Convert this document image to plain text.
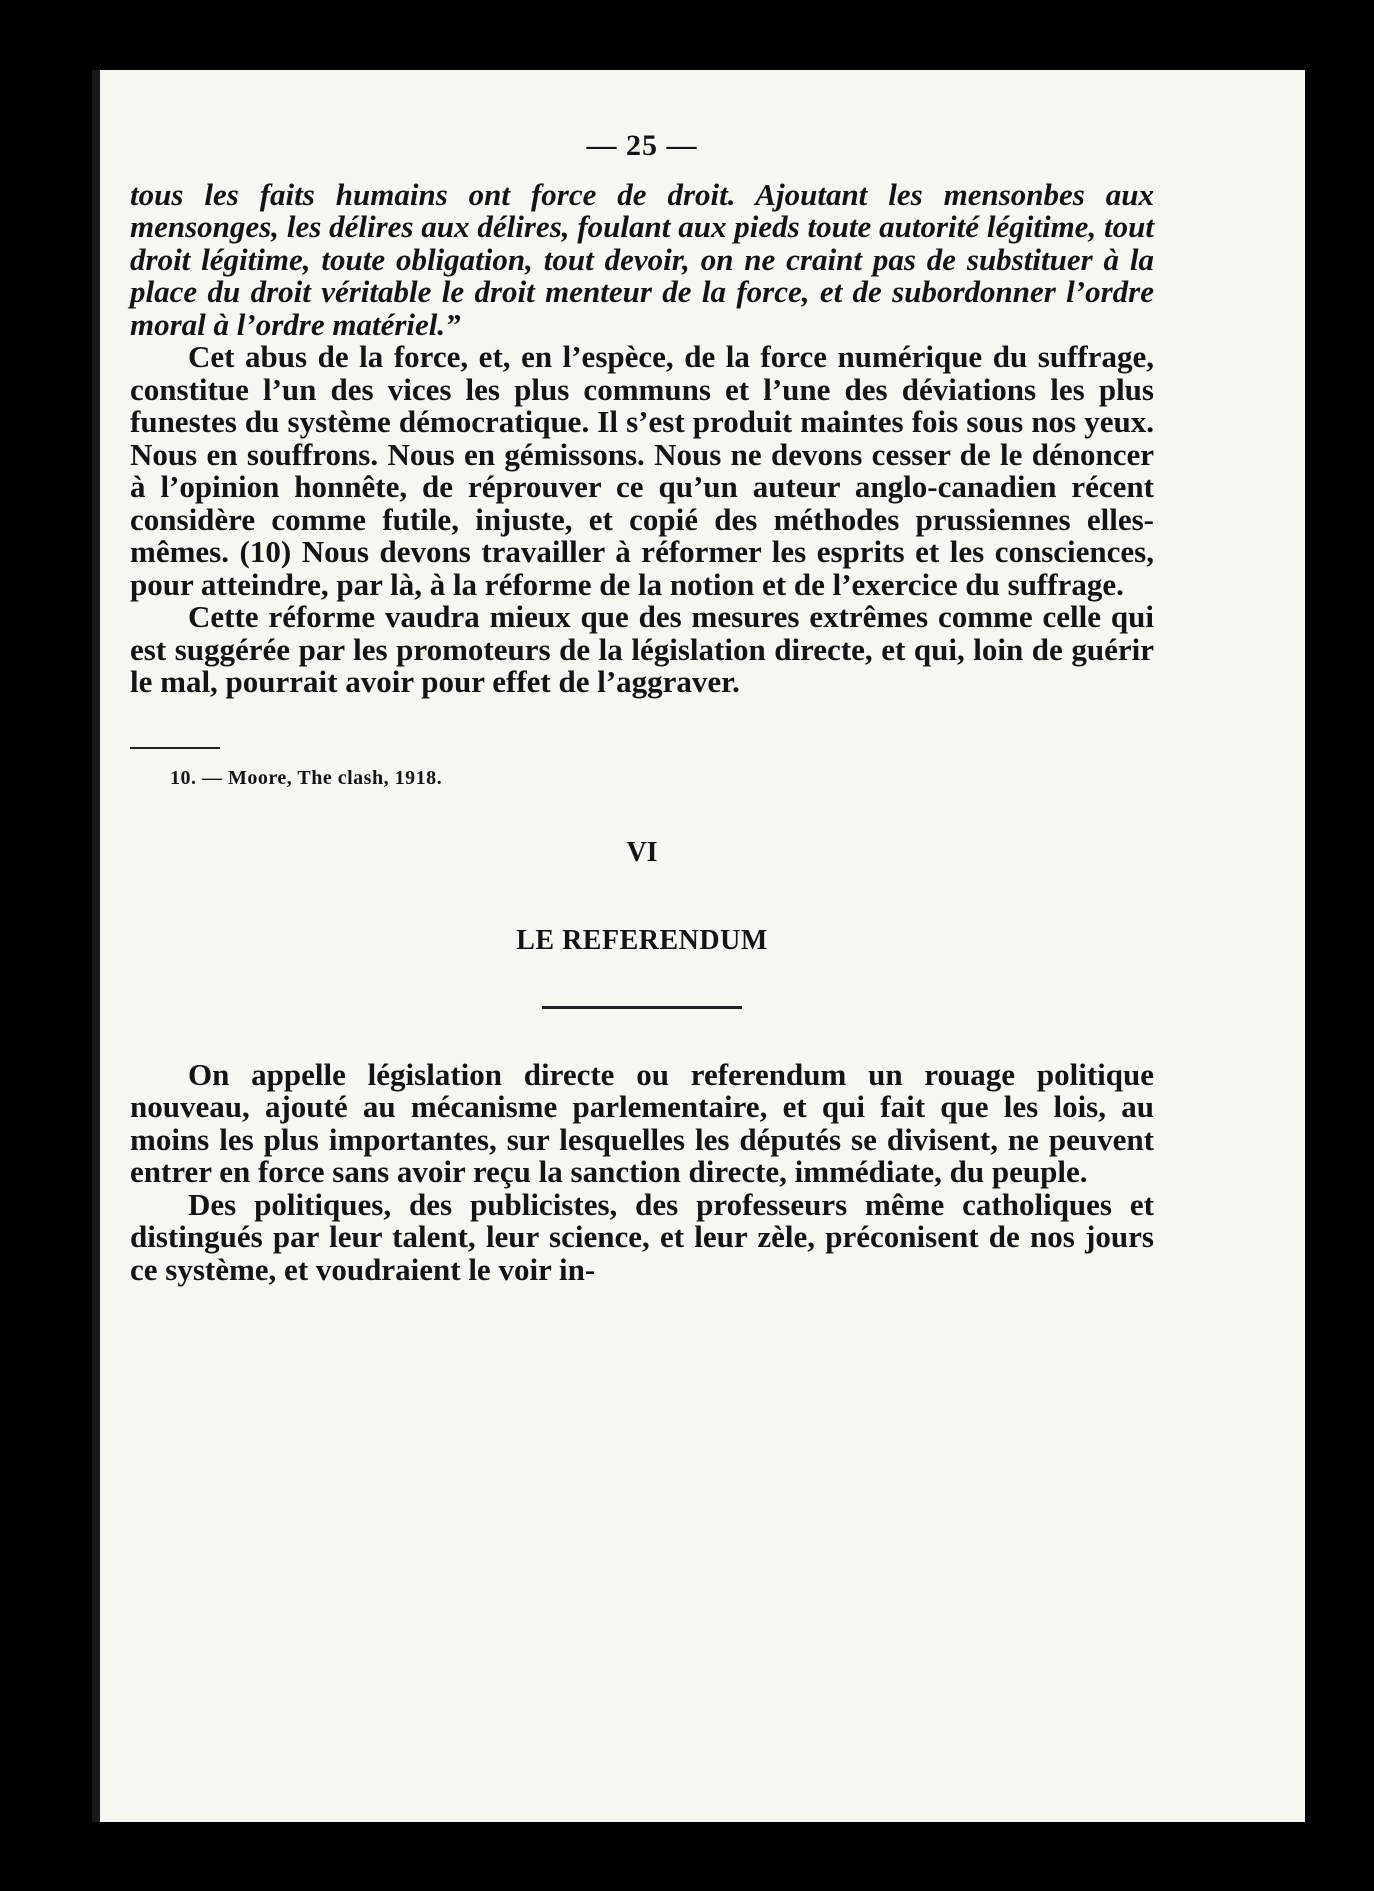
— 25 —

tous les faits humains ont force de droit. Ajoutant les mensonbes aux mensonges, les délires aux délires, foulant aux pieds toute autorité légitime, tout droit légitime, toute obligation, tout devoir, on ne craint pas de substituer à la place du droit véritable le droit menteur de la force, et de subordonner l’ordre moral à l’ordre matériel.”

Cet abus de la force, et, en l’espèce, de la force numérique du suffrage, constitue l’un des vices les plus communs et l’une des déviations les plus funestes du système démocratique. Il s’est produit maintes fois sous nos yeux. Nous en souffrons. Nous en gémissons. Nous ne devons cesser de le dénoncer à l’opinion honnête, de réprouver ce qu’un auteur anglo-canadien récent considère comme futile, injuste, et copié des méthodes prussiennes elles-mêmes. (10) Nous devons travailler à réformer les esprits et les consciences, pour atteindre, par là, à la réforme de la notion et de l’exercice du suffrage.

Cette réforme vaudra mieux que des mesures extrêmes comme celle qui est suggérée par les promoteurs de la législation directe, et qui, loin de guérir le mal, pourrait avoir pour effet de l’aggraver.

10. — Moore, The clash, 1918.

VI
LE REFERENDUM

On appelle législation directe ou referendum un rouage politique nouveau, ajouté au mécanisme parlementaire, et qui fait que les lois, au moins les plus importantes, sur lesquelles les députés se divisent, ne peuvent entrer en force sans avoir reçu la sanction directe, immédiate, du peuple.

Des politiques, des publicistes, des professeurs même catholiques et distingués par leur talent, leur science, et leur zèle, préconisent de nos jours ce système, et voudraient le voir in-
